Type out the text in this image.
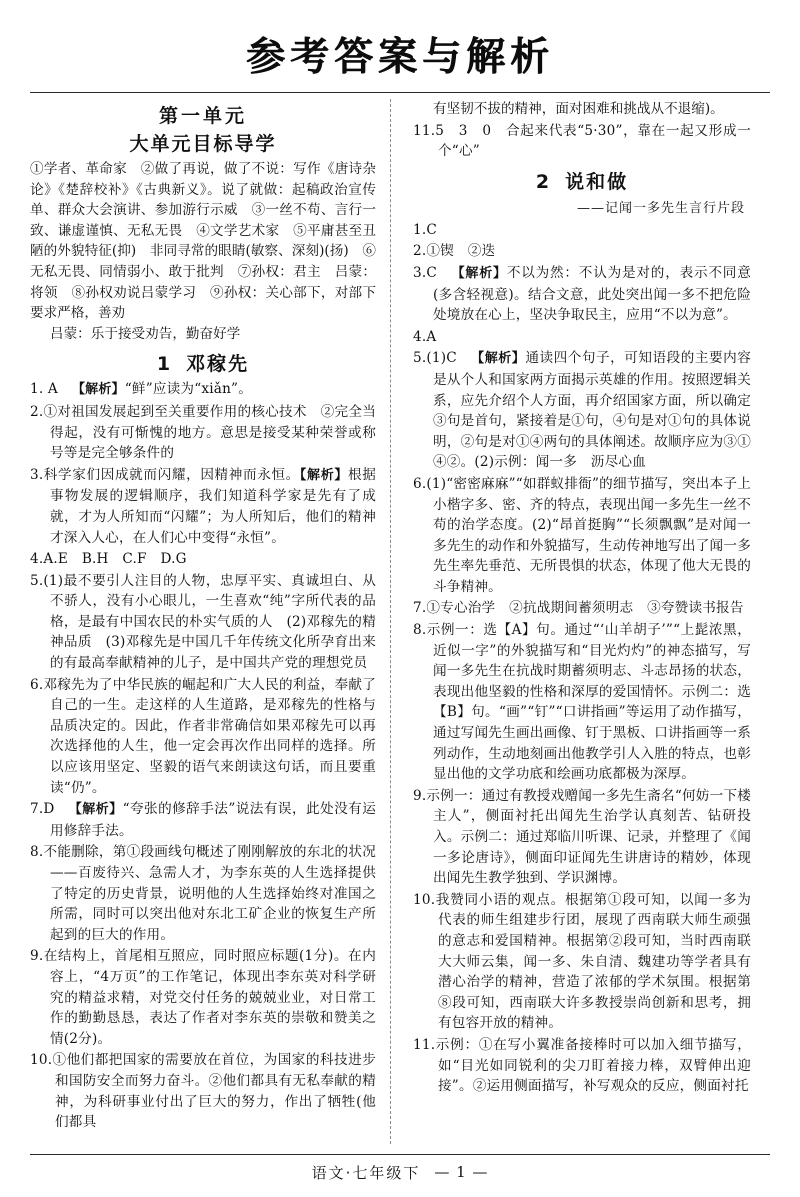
参考答案与解析
第一单元
大单元目标导学

①学者、革命家　②做了再说，做了不说：写作《唐诗杂论》《楚辞校补》《古典新义》。说了就做：起稿政治宣传单、群众大会演讲、参加游行示威　③一丝不苟、言行一致、谦虚谨慎、无私无畏　④文学艺术家　⑤平庸甚至丑陋的外貌特征(抑)　非同寻常的眼睛(敏察、深刻)(扬)　⑥无私无畏、同情弱小、敢于批判　⑦孙权：君主　吕蒙：将领　⑧孙权劝说吕蒙学习　⑨孙权：关心部下，对部下要求严格，善劝

吕蒙：乐于接受劝告，勤奋好学

1 邓稼先

1. A 【解析】“鲜”应读为“xiǎn”。

2.①对祖国发展起到至关重要作用的核心技术　②完全当得起，没有可惭愧的地方。意思是接受某种荣誉或称号等是完全够条件的

3.科学家们因成就而闪耀，因精神而永恒。【解析】根据事物发展的逻辑顺序，我们知道科学家是先有了成就，才为人所知而“闪耀”；为人所知后，他们的精神才深入人心，在人们心中变得“永恒”。

4.A.E　B.H　C.F　D.G

5.(1)最不要引人注目的人物，忠厚平实、真诚坦白、从不骄人，没有小心眼儿，一生喜欢“纯”字所代表的品格，是最有中国农民的朴实气质的人　(2)邓稼先的精神品质　(3)邓稼先是中国几千年传统文化所孕育出来的有最高奉献精神的儿子，是中国共产党的理想党员

6.邓稼先为了中华民族的崛起和广大人民的利益，奉献了自己的一生。走这样的人生道路，是邓稼先的性格与品质决定的。因此，作者非常确信如果邓稼先可以再次选择他的人生，他一定会再次作出同样的选择。所以应该用坚定、坚毅的语气来朗读这句话，而且要重读“仍”。

7.D 【解析】“夸张的修辞手法”说法有误，此处没有运用修辞手法。

8.不能删除，第①段画线句概述了刚刚解放的东北的状况——百废待兴、急需人才，为李东英的人生选择提供了特定的历史背景，说明他的人生选择始终对准国之所需，同时可以突出他对东北工矿企业的恢复生产所起到的巨大的作用。

9.在结构上，首尾相互照应，同时照应标题(1分)。在内容上，“4万页”的工作笔记，体现出李东英对科学研究的精益求精，对党交付任务的兢兢业业，对日常工作的勤勤恳恳，表达了作者对李东英的崇敬和赞美之情(2分)。

10.①他们都把国家的需要放在首位，为国家的科技进步和国防安全而努力奋斗。②他们都具有无私奉献的精神，为科研事业付出了巨大的努力，作出了牺牲(他们都具

有坚韧不拔的精神，面对困难和挑战从不退缩)。

11.5　3　0　合起来代表“5·30”，靠在一起又形成一个“心”

2 说和做
——记闻一多先生言行片段

1.C

2.①锲　②迭

3.C 【解析】不以为然：不认为是对的，表示不同意(多含轻视意)。结合文意，此处突出闻一多不把危险处境放在心上，坚决争取民主，应用“不以为意”。

4.A

5.(1)C 【解析】通读四个句子，可知语段的主要内容是从个人和国家两方面揭示英雄的作用。按照逻辑关系，应先介绍个人方面，再介绍国家方面，所以确定③句是首句，紧接着是①句，④句是对①句的具体说明，②句是对①④两句的具体阐述。故顺序应为③①④②。(2)示例：闻一多　沥尽心血

6.(1)“密密麻麻”“如群蚁排衙”的细节描写，突出本子上小楷字多、密、齐的特点，表现出闻一多先生一丝不苟的治学态度。(2)“昂首挺胸”“长须飘飘”是对闻一多先生的动作和外貌描写，生动传神地写出了闻一多先生率先垂范、无所畏惧的状态，体现了他大无畏的斗争精神。

7.①专心治学　②抗战期间蓄须明志　③夸赞读书报告

8.示例一：选【A】句。通过“‘山羊胡子’”“上髭浓黑，近似一字”的外貌描写和“目光灼灼”的神态描写，写闻一多先生在抗战时期蓄须明志、斗志昂扬的状态，表现出他坚毅的性格和深厚的爱国情怀。示例二：选【B】句。“画”“钉”“口讲指画”等运用了动作描写，通过写闻先生画出画像、钉于黑板、口讲指画等一系列动作，生动地刻画出他教学引人入胜的特点，也彰显出他的文学功底和绘画功底都极为深厚。

9.示例一：通过有教授戏赠闻一多先生斋名“何妨一下楼主人”，侧面衬托出闻先生治学认真刻苦、钻研投入。示例二：通过郑临川听课、记录，并整理了《闻一多论唐诗》，侧面印证闻先生讲唐诗的精妙，体现出闻先生教学独到、学识渊博。

10.我赞同小语的观点。根据第①段可知，以闻一多为代表的师生组建步行团，展现了西南联大师生顽强的意志和爱国精神。根据第②段可知，当时西南联大大师云集，闻一多、朱自清、魏建功等学者具有潜心治学的精神，营造了浓郁的学术氛围。根据第⑧段可知，西南联大许多教授崇尚创新和思考，拥有包容开放的精神。

11.示例：①在写小翼准备接棒时可以加入细节描写，如“目光如同锐利的尖刀盯着接力棒，双臂伸出迎接”。②运用侧面描写，补写观众的反应，侧面衬托

语文·七年级下 — 1 —
